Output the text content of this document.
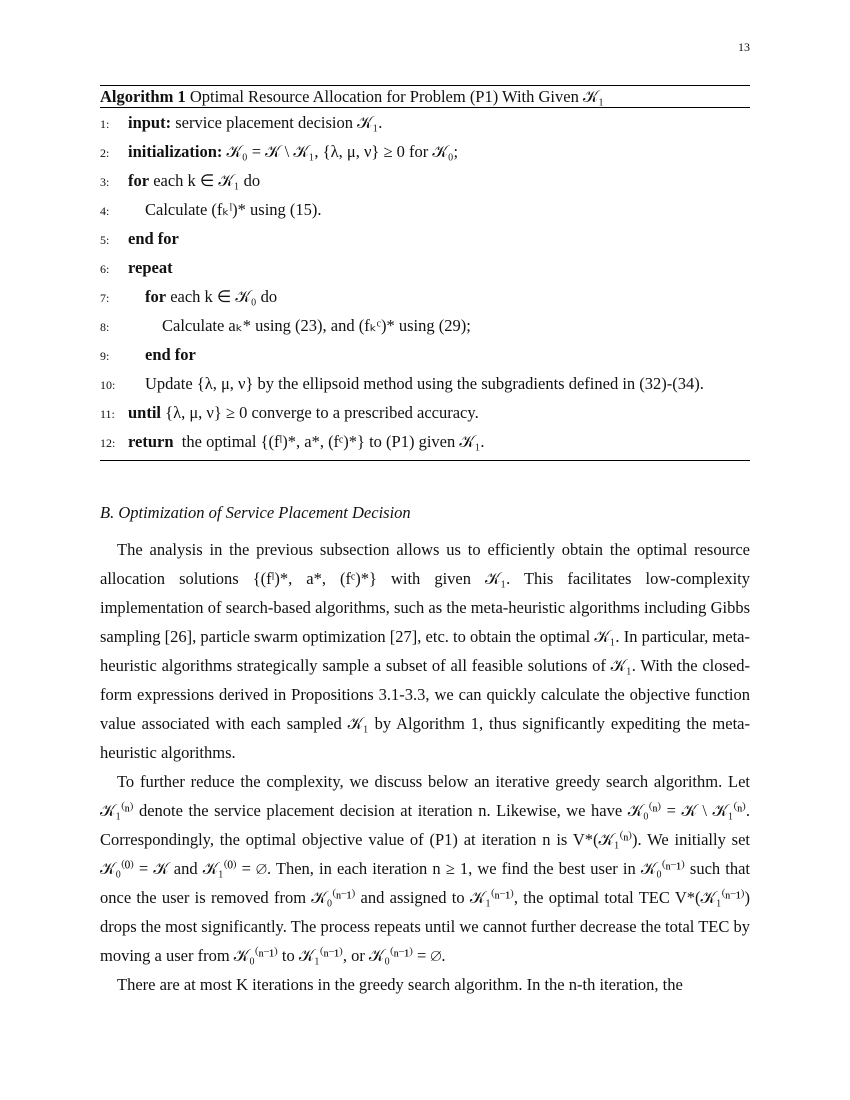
13
Algorithm 1 Optimal Resource Allocation for Problem (P1) With Given 𝒦₁
1: input: service placement decision 𝒦₁.
2: initialization: 𝒦₀ = 𝒦 \ 𝒦₁, {λ, μ, ν} ≥ 0 for 𝒦₀;
3: for each k ∈ 𝒦₁ do
4: Calculate (fₖˡ)* using (15).
5: end for
6: repeat
7: for each k ∈ 𝒦₀ do
8:	Calculate aₖ* using (23), and (fₖᶜ)* using (29);
9: end for
10: Update {λ, μ, ν} by the ellipsoid method using the subgradients defined in (32)-(34).
11: until {λ, μ, ν} ≥ 0 converge to a prescribed accuracy.
12: return  the optimal {(fˡ)*, a*, (fᶜ)*} to (P1) given 𝒦₁.
B. Optimization of Service Placement Decision

The analysis in the previous subsection allows us to efficiently obtain the optimal resource allocation solutions {(fˡ)*, a*, (fᶜ)*} with given 𝒦₁. This facilitates low-complexity implementation of search-based algorithms, such as the meta-heuristic algorithms including Gibbs sampling [26], particle swarm optimization [27], etc. to obtain the optimal 𝒦₁. In particular, meta-heuristic algorithms strategically sample a subset of all feasible solutions of 𝒦₁. With the closed-form expressions derived in Propositions 3.1-3.3, we can quickly calculate the objective function value associated with each sampled 𝒦₁ by Algorithm 1, thus significantly expediting the meta-heuristic algorithms.

To further reduce the complexity, we discuss below an iterative greedy search algorithm. Let 𝒦₁⁽ⁿ⁾ denote the service placement decision at iteration n. Likewise, we have 𝒦₀⁽ⁿ⁾ = 𝒦 \ 𝒦₁⁽ⁿ⁾. Correspondingly, the optimal objective value of (P1) at iteration n is V*(𝒦₁⁽ⁿ⁾). We initially set 𝒦₀⁽⁰⁾ = 𝒦 and 𝒦₁⁽⁰⁾ = ∅. Then, in each iteration n ≥ 1, we find the best user in 𝒦₀⁽ⁿ⁻¹⁾ such that once the user is removed from 𝒦₀⁽ⁿ⁻¹⁾ and assigned to 𝒦₁⁽ⁿ⁻¹⁾, the optimal total TEC V*(𝒦₁⁽ⁿ⁻¹⁾) drops the most significantly. The process repeats until we cannot further decrease the total TEC by moving a user from 𝒦₀⁽ⁿ⁻¹⁾ to 𝒦₁⁽ⁿ⁻¹⁾, or 𝒦₀⁽ⁿ⁻¹⁾ = ∅.

There are at most K iterations in the greedy search algorithm. In the n-th iteration, the
